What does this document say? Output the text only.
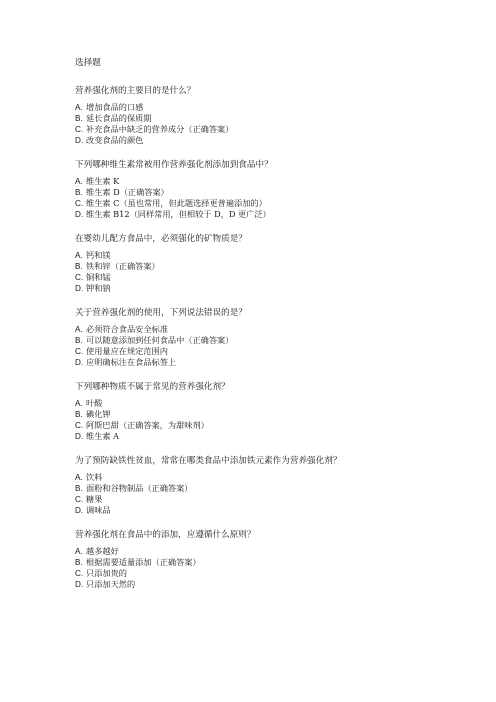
选择题
营养强化剂的主要目的是什么？
A. 增加食品的口感
B. 延长食品的保质期
C. 补充食品中缺乏的营养成分（正确答案）
D. 改变食品的颜色
下列哪种维生素常被用作营养强化剂添加到食品中？
A. 维生素 K
B. 维生素 D（正确答案）
C. 维生素 C（虽也常用，但此题选择更普遍添加的）
D. 维生素 B12（同样常用，但相较于 D，D 更广泛）
在婴幼儿配方食品中，必须强化的矿物质是？
A. 钙和镁
B. 铁和锌（正确答案）
C. 铜和锰
D. 钾和钠
关于营养强化剂的使用，下列说法错误的是？
A. 必须符合食品安全标准
B. 可以随意添加到任何食品中（正确答案）
C. 使用量应在规定范围内
D. 应明确标注在食品标签上
下列哪种物质不属于常见的营养强化剂？
A. 叶酸
B. 碘化钾
C. 阿斯巴甜（正确答案，为甜味剂）
D. 维生素 A
为了预防缺铁性贫血，常常在哪类食品中添加铁元素作为营养强化剂？
A. 饮料
B. 面粉和谷物制品（正确答案）
C. 糖果
D. 调味品
营养强化剂在食品中的添加，应遵循什么原则？
A. 越多越好
B. 根据需要适量添加（正确答案）
C. 只添加贵的
D. 只添加天然的
